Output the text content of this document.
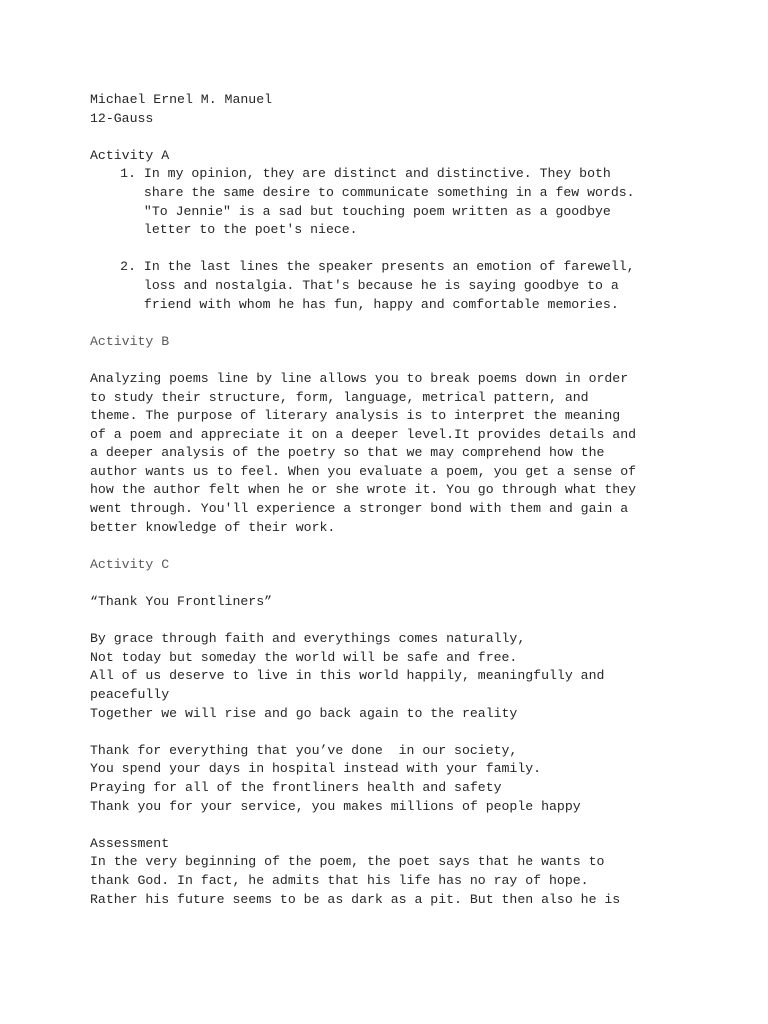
Michael Ernel M. Manuel
12-Gauss
Activity A
1. In my opinion, they are distinct and distinctive. They both
share the same desire to communicate something in a few words.
"To Jennie" is a sad but touching poem written as a goodbye
letter to the poet's niece.
2. In the last lines the speaker presents an emotion of farewell,
loss and nostalgia. That's because he is saying goodbye to a
friend with whom he has fun, happy and comfortable memories.
Activity B
Analyzing poems line by line allows you to break poems down in order
to study their structure, form, language, metrical pattern, and
theme. The purpose of literary analysis is to interpret the meaning
of a poem and appreciate it on a deeper level.It provides details and
a deeper analysis of the poetry so that we may comprehend how the
author wants us to feel. When you evaluate a poem, you get a sense of
how the author felt when he or she wrote it. You go through what they
went through. You'll experience a stronger bond with them and gain a
better knowledge of their work.
Activity C
“Thank You Frontliners”
By grace through faith and everythings comes naturally,
Not today but someday the world will be safe and free.
All of us deserve to live in this world happily, meaningfully and
peacefully
Together we will rise and go back again to the reality
Thank for everything that you’ve done  in our society,
You spend your days in hospital instead with your family.
Praying for all of the frontliners health and safety
Thank you for your service, you makes millions of people happy
Assessment
In the very beginning of the poem, the poet says that he wants to
thank God. In fact, he admits that his life has no ray of hope.
Rather his future seems to be as dark as a pit. But then also he is
